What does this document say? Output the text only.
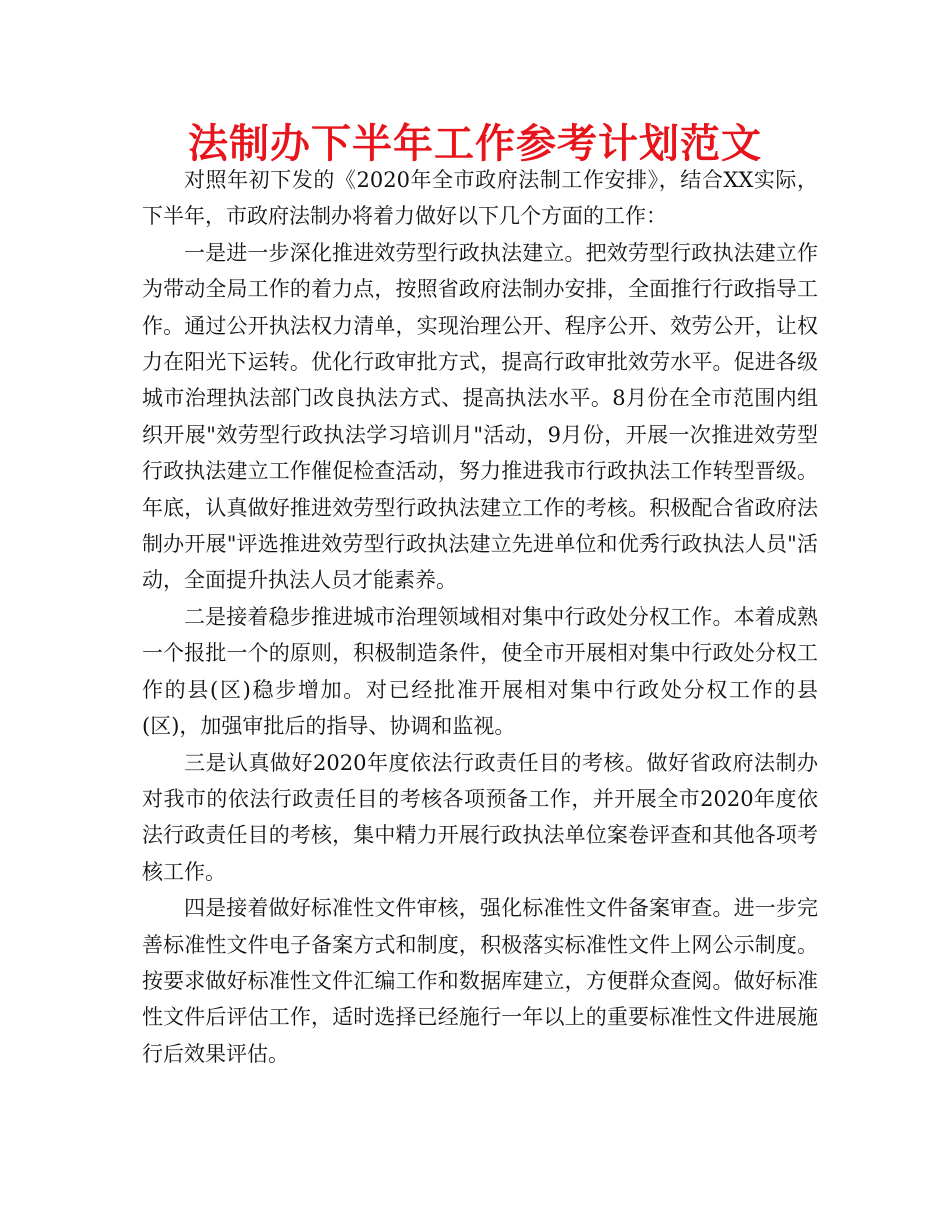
法制办下半年工作参考计划范文

对照年初下发的《2020年全市政府法制工作安排》，结合XX实际，下半年，市政府法制办将着力做好以下几个方面的工作：

一是进一步深化推进效劳型行政执法建立。把效劳型行政执法建立作为带动全局工作的着力点，按照省政府法制办安排，全面推行行政指导工作。通过公开执法权力清单，实现治理公开、程序公开、效劳公开，让权力在阳光下运转。优化行政审批方式，提高行政审批效劳水平。促进各级城市治理执法部门改良执法方式、提高执法水平。8月份在全市范围内组织开展"效劳型行政执法学习培训月"活动，9月份，开展一次推进效劳型行政执法建立工作催促检查活动，努力推进我市行政执法工作转型晋级。年底，认真做好推进效劳型行政执法建立工作的考核。积极配合省政府法制办开展"评选推进效劳型行政执法建立先进单位和优秀行政执法人员"活动，全面提升执法人员才能素养。

二是接着稳步推进城市治理领域相对集中行政处分权工作。本着成熟一个报批一个的原则，积极制造条件，使全市开展相对集中行政处分权工作的县(区)稳步增加。对已经批准开展相对集中行政处分权工作的县(区)，加强审批后的指导、协调和监视。

三是认真做好2020年度依法行政责任目的考核。做好省政府法制办对我市的依法行政责任目的考核各项预备工作，并开展全市2020年度依法行政责任目的考核，集中精力开展行政执法单位案卷评查和其他各项考核工作。

四是接着做好标准性文件审核，强化标准性文件备案审查。进一步完善标准性文件电子备案方式和制度，积极落实标准性文件上网公示制度。按要求做好标准性文件汇编工作和数据库建立，方便群众查阅。做好标准性文件后评估工作，适时选择已经施行一年以上的重要标准性文件进展施行后效果评估。
